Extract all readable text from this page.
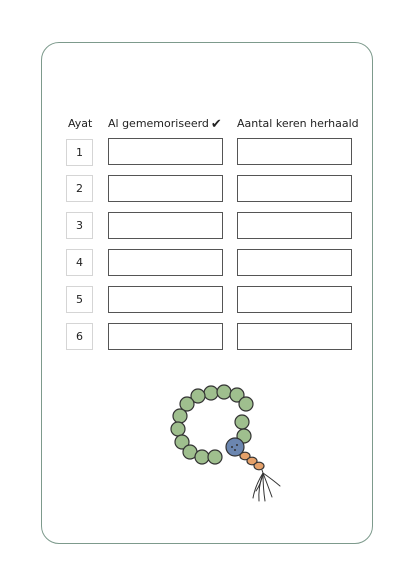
Ayat Al gememoriseerd ✔ Aantal keren herhaald
1
2
3
4
5
6
